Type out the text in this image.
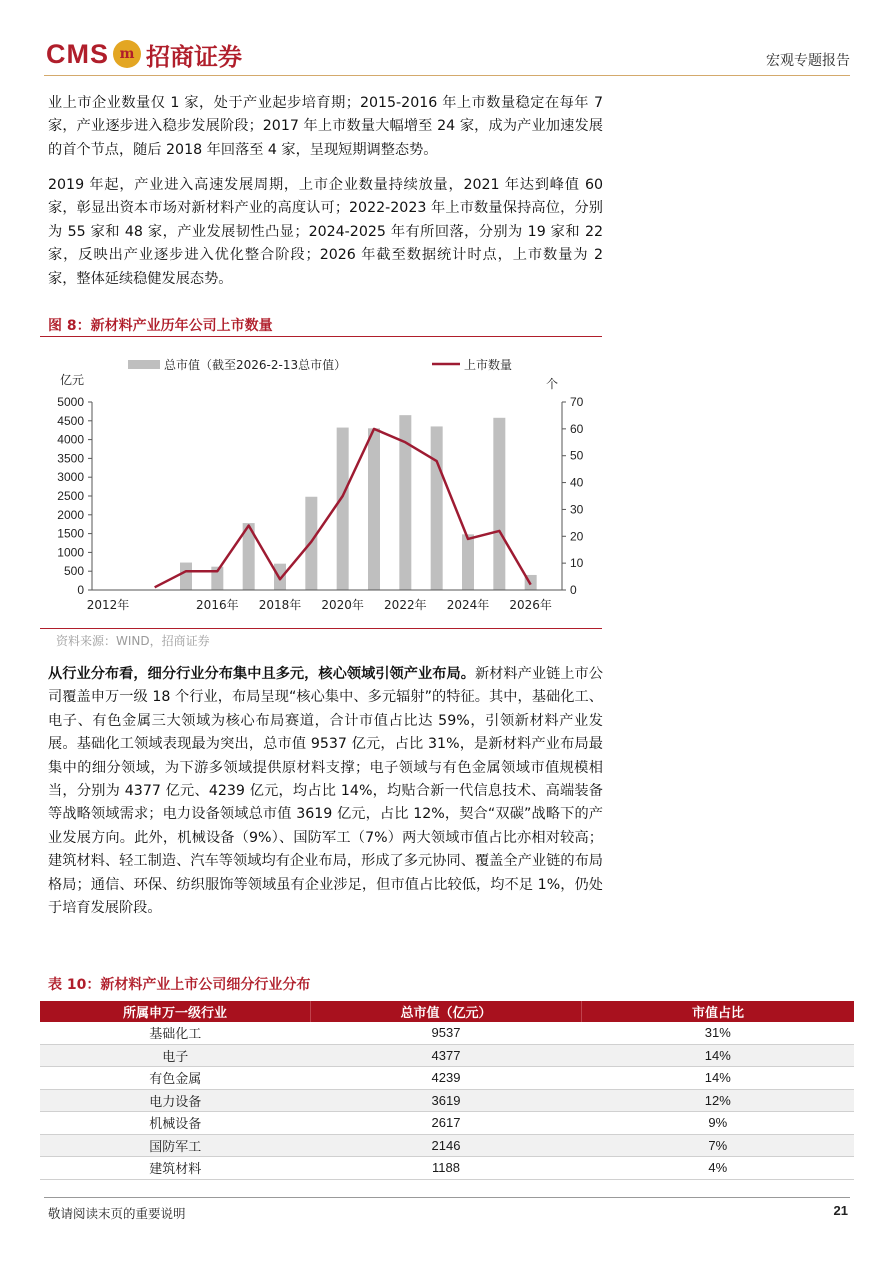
CMS m 招商证券	宏观专题报告
业上市企业数量仅 1 家，处于产业起步培育期；2015-2016 年上市数量稳定在每年 7 家，产业逐步进入稳步发展阶段；2017 年上市数量大幅增至 24 家，成为产业加速发展的首个节点，随后 2018 年回落至 4 家，呈现短期调整态势。
2019 年起，产业进入高速发展周期，上市企业数量持续放量，2021 年达到峰值 60 家，彰显出资本市场对新材料产业的高度认可；2022-2023 年上市数量保持高位，分别为 55 家和 48 家，产业发展韧性凸显；2024-2025 年有所回落，分别为 19 家和 22 家，反映出产业逐步进入优化整合阶段；2026 年截至数据统计时点，上市数量为 2 家，整体延续稳健发展态势。
图 8：新材料产业历年公司上市数量
总市值（截至2026-2-13总市值）	上市数量
亿元	个
0
500
1000
1500
2000
2500
3000
3500
4000
4500
5000
0
10
20
30
40
50
60
70
2012年	2016年 2018年 2020年 2022年 2024年 2026年
资料来源：WIND，招商证券
从行业分布看，细分行业分布集中且多元，核心领域引领产业布局。新材料产业链上市公司覆盖申万一级 18 个行业，布局呈现“核心集中、多元辐射”的特征。其中，基础化工、电子、有色金属三大领域为核心布局赛道，合计市值占比达 59%，引领新材料产业发展。基础化工领域表现最为突出，总市值 9537 亿元，占比 31%，是新材料产业布局最集中的细分领域，为下游多领域提供原材料支撑；电子领域与有色金属领域市值规模相当，分别为 4377 亿元、4239 亿元，均占比 14%，均贴合新一代信息技术、高端装备等战略领域需求；电力设备领域总市值 3619 亿元，占比 12%，契合“双碳”战略下的产业发展方向。此外，机械设备（9%）、国防军工（7%）两大领域市值占比亦相对较高；建筑材料、轻工制造、汽车等领域均有企业布局，形成了多元协同、覆盖全产业链的布局格局；通信、环保、纺织服饰等领域虽有企业涉足，但市值占比较低，均不足 1%，仍处于培育发展阶段。
表 10：新材料产业上市公司细分行业分布
所属申万一级行业	总市值（亿元）	市值占比
基础化工	9537	31%
电子	4377	14%
有色金属	4239	14%
电力设备	3619	12%
机械设备	2617	9%
国防军工	2146	7%
建筑材料	1188	4%
敬请阅读末页的重要说明	21
